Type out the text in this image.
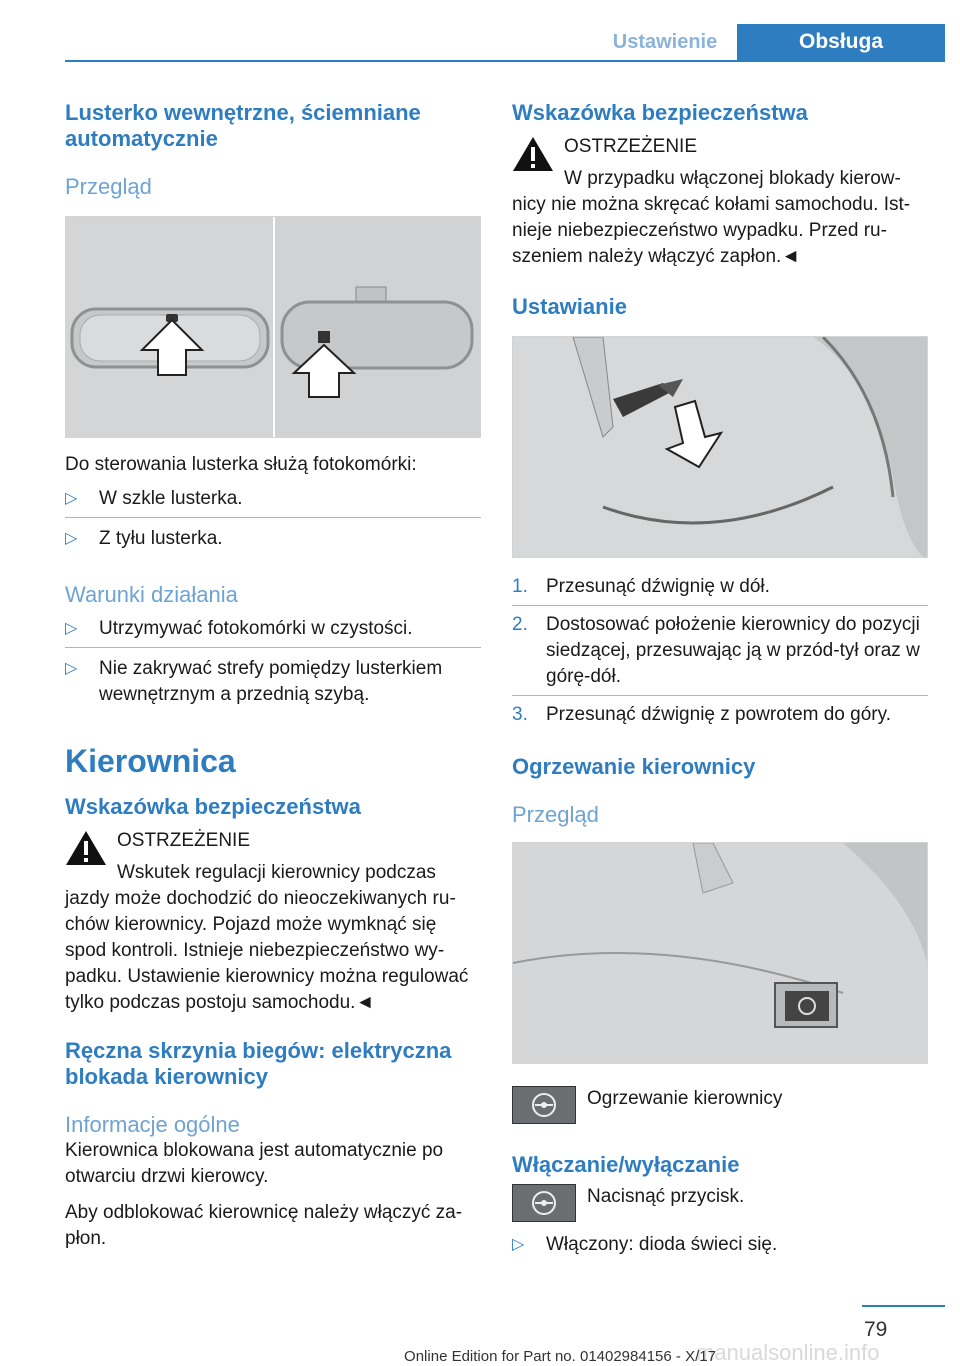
Ustawienie	Obsługa
Lusterko wewnętrzne, ściemniane automatycznie
Przegląd

Do sterowania lusterka służą fotokomórki:

▷ W szkle lusterka.
▷ Z tyłu lusterka.
Warunki działania
▷ Utrzymywać fotokomórki w czystości.
▷ Nie zakrywać strefy pomiędzy lusterkiem wewnętrznym a przednią szybą.
Kierownica
Wskazówka bezpieczeństwa
OSTRZEŻENIE
Wskutek regulacji kierownicy podczas jazdy może dochodzić do nieoczekiwanych ruchów kierownicy. Pojazd może wymknąć się spod kontroli. Istnieje niebezpieczeństwo wypadku. Ustawienie kierownicy można regulować tylko podczas postoju samochodu.◄
Ręczna skrzynia biegów: elektryczna blokada kierownicy
Informacje ogólne

Kierownica blokowana jest automatycznie po otwarciu drzwi kierowcy.

Aby odblokować kierownicę należy włączyć zapłon.

Wskazówka bezpieczeństwa
OSTRZEŻENIE
W przypadku włączonej blokady kierownicy nie można skręcać kołami samochodu. Istnieje niebezpieczeństwo wypadku. Przed ruszeniem należy włączyć zapłon.◄
Ustawianie
1. Przesunąć dźwignię w dół.
2. Dostosować położenie kierownicy do pozycji siedzącej, przesuwając ją w przód-tył oraz w górę-dół.
3. Przesunąć dźwignię z powrotem do góry.
Ogrzewanie kierownicy
Przegląd
Ogrzewanie kierownicy
Włączanie/wyłączanie
Nacisnąć przycisk.
▷ Włączony: dioda świeci się.
79
manualsonline.info
Online Edition for Part no. 01402984156 - X/17
